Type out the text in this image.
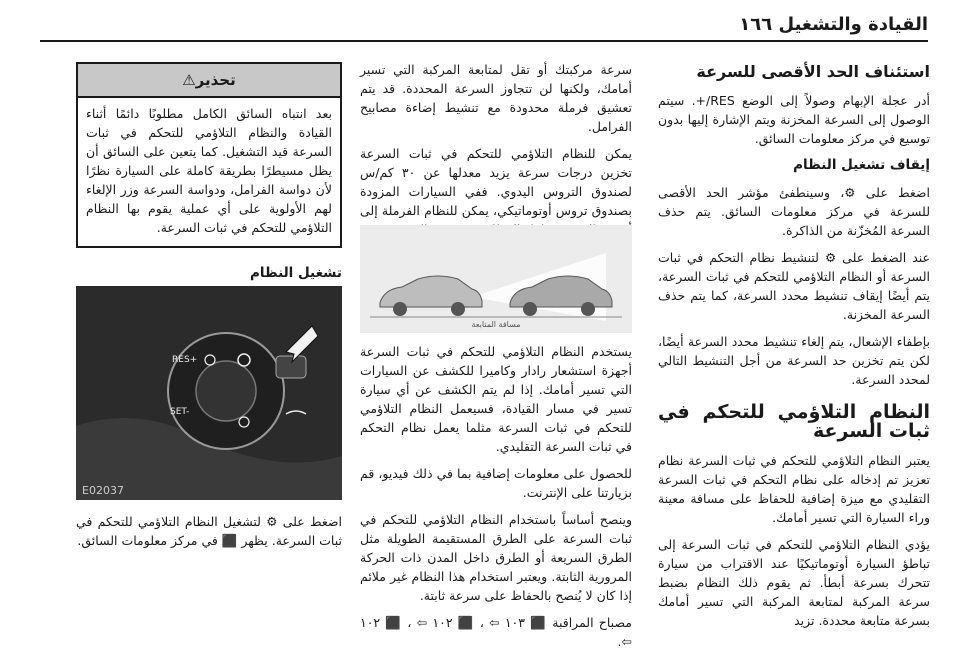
القيادة والتشغيل ١٦٦
استئناف الحد الأقصى للسرعة

أدر عجلة الإبهام وصولاً إلى الوضع RES/+. سيتم الوصول إلى السرعة المخزنة ويتم الإشارة إليها بدون توسيع في مركز معلومات السائق.

إيقاف تشغيل النظام

اضغط على ⚙، وسينطفئ مؤشر الحد الأقصى للسرعة في مركز معلومات السائق. يتم حذف السرعة المُخزّنة من الذاكرة.

عند الضغط على ⚙ لتنشيط نظام التحكم في ثبات السرعة أو النظام التلاؤمي للتحكم في ثبات السرعة، يتم أيضًا إيقاف تنشيط محدد السرعة، كما يتم حذف السرعة المخزنة.

بإطفاء الإشعال، يتم إلغاء تنشيط محدد السرعة أيضًا، لكن يتم تخزين حد السرعة من أجل التنشيط التالي لمحدد السرعة.

النظام التلاؤمي للتحكم في ثبات السرعة

يعتبر النظام التلاؤمي للتحكم في ثبات السرعة نظام تعزيز تم إدخاله على نظام التحكم في ثبات السرعة التقليدي مع ميزة إضافية للحفاظ على مسافة معينة وراء السيارة التي تسير أمامك.

يؤدي النظام التلاؤمي للتحكم في ثبات السرعة إلى تباطؤ السيارة أوتوماتيكيًا عند الاقتراب من سيارة تتحرك بسرعة أبطأ. ثم يقوم ذلك النظام بضبط سرعة المركبة لمتابعة المركبة التي تسير أمامك بسرعة متابعة محددة. تزيد

سرعة مركبتك أو تقل لمتابعة المركبة التي تسير أمامك، ولكنها لن تتجاوز السرعة المحددة. قد يتم تعشيق فرملة محدودة مع تنشيط إضاءة مصابيح الفرامل.

يمكن للنظام التلاؤمي للتحكم في ثبات السرعة تخزين درجات سرعة يزيد معدلها عن ٣٠ كم/س لصندوق التروس اليدوي. ففي السيارات المزودة بصندوق تروس أوتوماتيكي، يمكن للنظام الفرملة إلى

مسافة المتابعة

يستخدم النظام التلاؤمي للتحكم في ثبات السرعة أجهزة استشعار رادار وكاميرا للكشف عن السيارات التي تسير أمامك. إذا لم يتم الكشف عن أي سيارة تسير في مسار القيادة، فسيعمل النظام التلاؤمي للتحكم في ثبات السرعة مثلما يعمل نظام التحكم في ثبات السرعة التقليدي.

للحصول على معلومات إضافية بما في ذلك فيديو، قم بزيارتنا على الإنترنت.

وينصح أساساً باستخدام النظام التلاؤمي للتحكم في ثبات السرعة على الطرق المستقيمة الطويلة مثل الطرق السريعة أو الطرق داخل المدن ذات الحركة المرورية الثابتة. ويعتبر استخدام هذا النظام غير ملائم إذا كان لا يُنصح بالحفاظ على سرعة ثابتة.

مصباح المراقبة ⬛ ١٠٣ ⇦ ، ⬛ ١٠٢ ⇦ ، ⬛ ١٠٢ ⇦.

تحذير⚠
بعد انتباه السائق الكامل مطلوبًا دائمًا أثناء القيادة والنظام التلاؤمي للتحكم في ثبات السرعة قيد التشغيل. كما يتعين على السائق أن يظل مسيطرًا بطريقة كاملة على السيارة نظرًا لأن دواسة الفرامل، ودواسة السرعة وزر الإلغاء لهم الأولوية على أي عملية يقوم بها النظام التلاؤمي للتحكم في ثبات السرعة.
تشغيل النظام
RES+
SET-
E02037

اضغط على ⚙ لتشغيل النظام التلاؤمي للتحكم في ثبات السرعة. يظهر ⬛ في مركز معلومات السائق.
